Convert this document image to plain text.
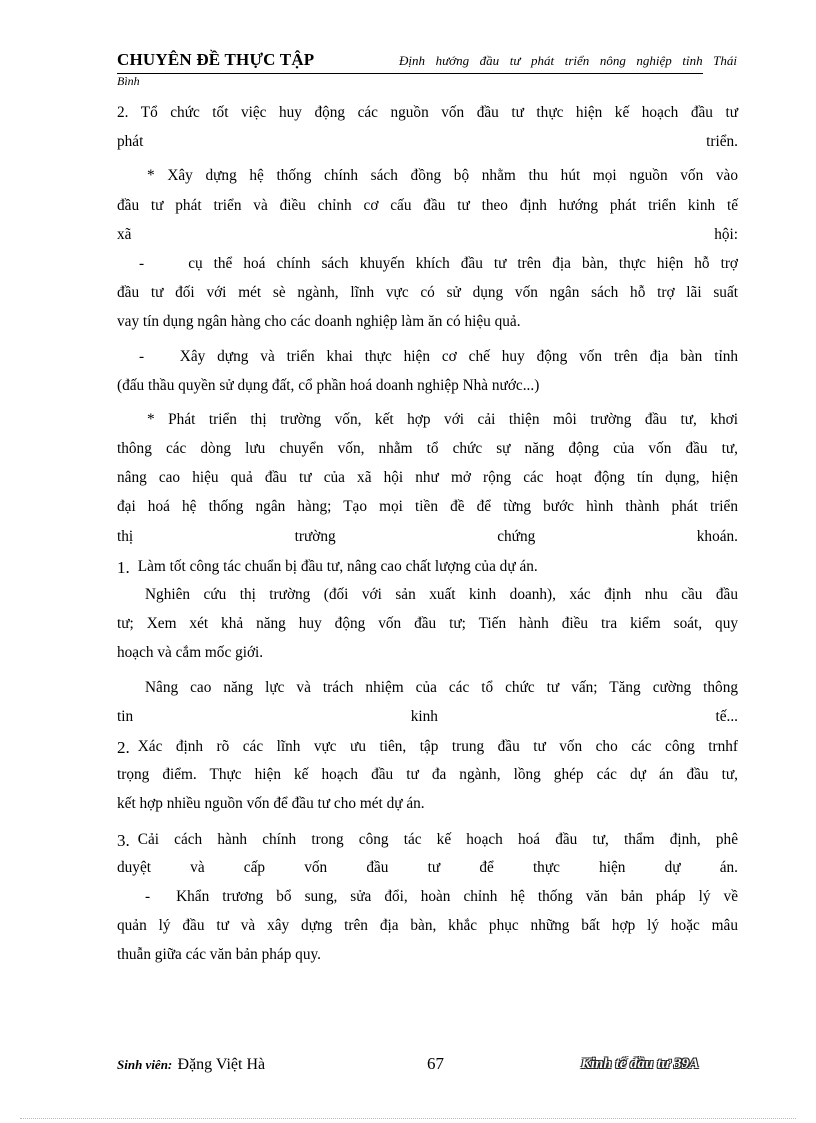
CHUYÊN ĐỀ THỰC TẬP	Định hướng đầu tư phát triển nông nghiệp tỉnh Thái
Bình
2. Tổ chức tốt việc huy động các nguồn vốn đầu tư thực hiện kế hoạch đầu tư
phát	triển.
* Xây dựng hệ thống chính sách đồng bộ nhằm thu hút mọi nguồn vốn vào
đầu tư phát triển và điều chỉnh cơ cấu đầu tư theo định hướng phát triển kinh tế
xã	hội:
-    cụ thể hoá chính sách khuyến khích đầu tư trên địa bàn, thực hiện hỗ trợ
đầu tư đối với mét sè ngành, lĩnh vực có sử dụng vốn ngân sách hỗ trợ lãi suất
vay tín dụng ngân hàng cho các doanh nghiệp làm ăn có hiệu quả.
-   Xây dựng và triển khai thực hiện cơ chế huy động vốn trên địa bàn tỉnh
(đấu thầu quyền sử dụng đất, cổ phần hoá doanh nghiệp Nhà nước...)
* Phát triển thị trường vốn, kết hợp với cải thiện môi trường đầu tư, khơi
thông các dòng lưu chuyển vốn, nhằm tổ chức sự năng động của vốn đầu tư,
nâng cao hiệu quả đầu tư của xã hội như mở rộng các hoạt động tín dụng, hiện
đại hoá hệ thống ngân hàng; Tạo mọi tiền đề để từng bước hình thành phát triển
thị	trường	chứng	khoán.
1. Làm tốt công tác chuẩn bị đầu tư, nâng cao chất lượng của dự án.
Nghiên cứu thị trường (đối với sản xuất kinh doanh), xác định nhu cầu đầu
tư; Xem xét khả năng huy động vốn đầu tư; Tiến hành điều tra kiểm soát, quy
hoạch và cắm mốc giới.
Nâng cao năng lực và trách nhiệm của các tổ chức tư vấn; Tăng cường thông
tin	kinh	tế...
2. Xác định rõ các lĩnh vực ưu tiên, tập trung đầu tư vốn cho các công trnhf
trọng điểm. Thực hiện kế hoạch đầu tư đa ngành, lồng ghép các dự án đầu tư,
kết hợp nhiều nguồn vốn để đầu tư cho mét dự án.
3. Cải cách hành chính trong công tác kế hoạch hoá đầu tư, thẩm định, phê
duyệt	và	cấp	vốn	đầu	tư	để	thực	hiện	dự	án.
-  Khẩn trương bổ sung, sửa đổi, hoàn chỉnh hệ thống văn bản pháp lý về
quản lý đầu tư và xây dựng trên địa bàn, khắc phục những bất hợp lý hoặc mâu
thuẫn giữa các văn bản pháp quy.
Sinh viên: Đặng Việt Hà	67	Kinh tế đầu tư 39A
